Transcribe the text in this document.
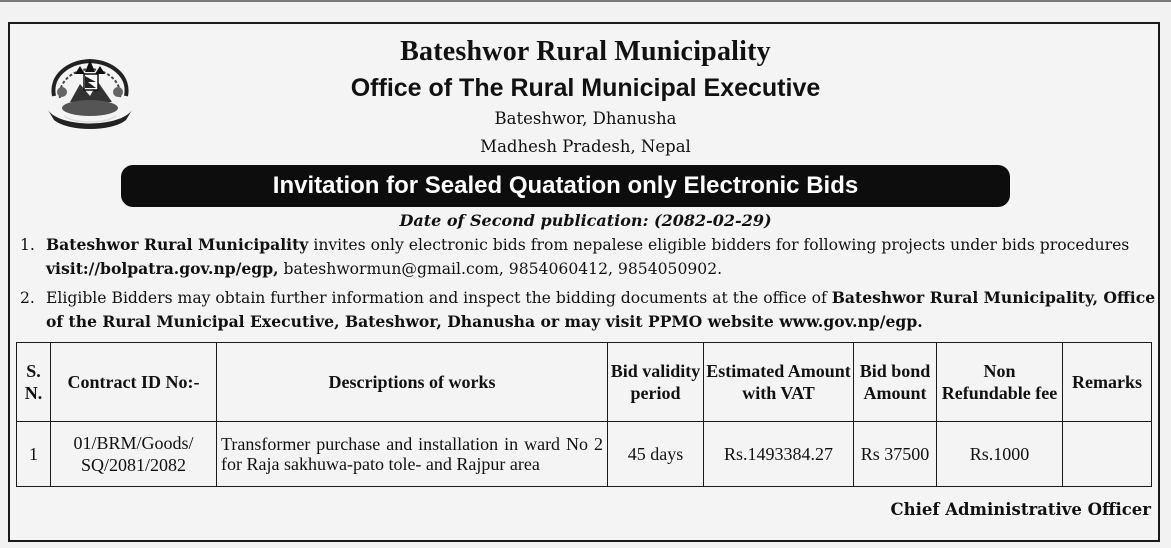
Bateshwor Rural Municipality
Office of The Rural Municipal Executive
Bateshwor, Dhanusha
Madhesh Pradesh, Nepal
Invitation for Sealed Quatation only Electronic Bids
Date of Second publication: (2082-02-29)
1. Bateshwor Rural Municipality invites only electronic bids from nepalese eligible bidders for following projects under bids procedures visit://bolpatra.gov.np/egp, bateshwormun@gmail.com, 9854060412, 9854050902.
2. Eligible Bidders may obtain further information and inspect the bidding documents at the office of Bateshwor Rural Municipality, Office of the Rural Municipal Executive, Bateshwor, Dhanusha or may visit PPMO website www.gov.np/egp.
S. N.	Contract ID No:-	Descriptions of works	Bid validity period	Estimated Amount with VAT	Bid bond Amount	Non Refundable fee	Remarks
1	01/BRM/Goods/ SQ/2081/2082	Transformer purchase and installation in ward No 2 for Raja sakhuwa-pato tole- and Rajpur area	45 days	Rs.1493384.27	Rs 37500	Rs.1000	
Chief Administrative Officer
